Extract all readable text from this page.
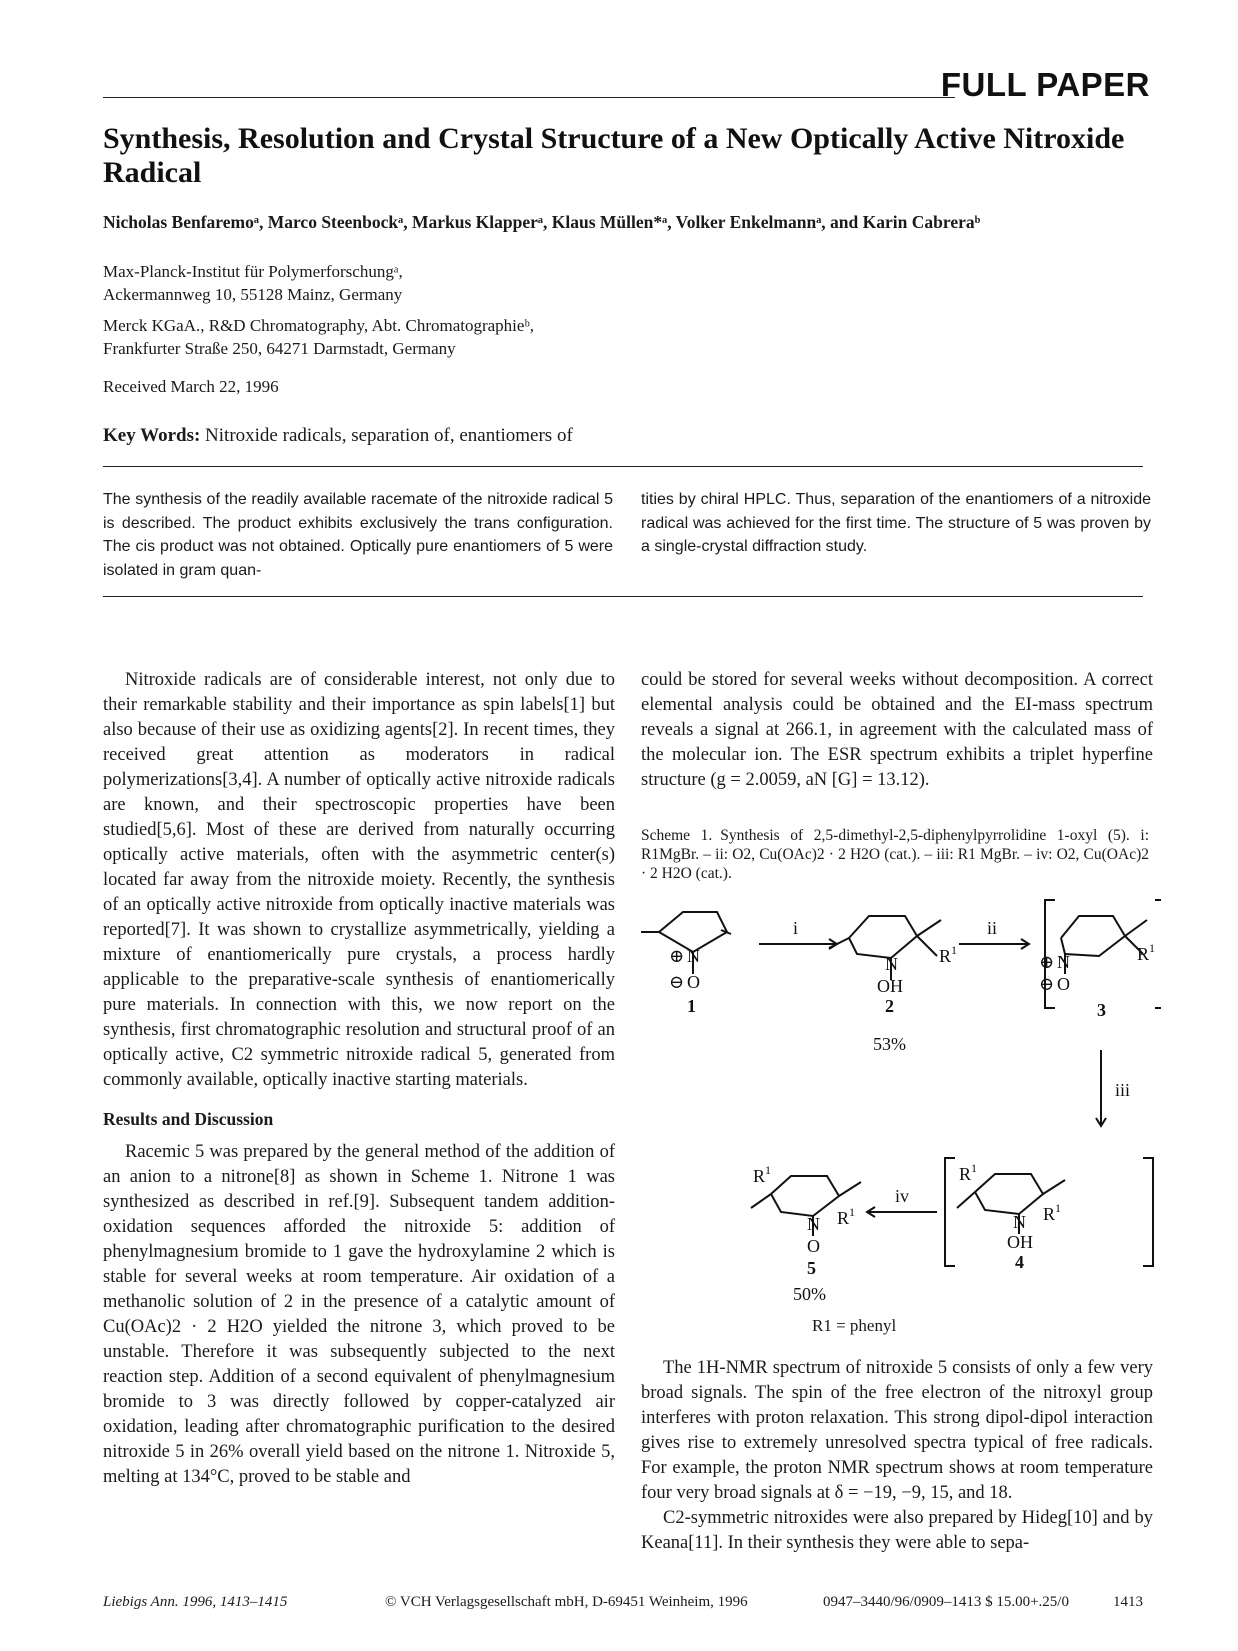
FULL PAPER
Synthesis, Resolution and Crystal Structure of a New Optically Active Nitroxide Radical
Nicholas Benfaremoᵃ, Marco Steenbockᵃ, Markus Klapperᵃ, Klaus Müllen*ᵃ, Volker Enkelmannᵃ, and Karin Cabreraᵇ
Max-Planck-Institut für Polymerforschungᵃ,
Ackermannweg 10, 55128 Mainz, Germany
Merck KGaA., R&D Chromatography, Abt. Chromatographieᵇ,
Frankfurter Straße 250, 64271 Darmstadt, Germany
Received March 22, 1996
Key Words: Nitroxide radicals, separation of, enantiomers of
The synthesis of the readily available racemate of the nitroxide radical 5 is described. The product exhibits exclusively the trans configuration. The cis product was not obtained. Optically pure enantiomers of 5 were isolated in gram quan-
tities by chiral HPLC. Thus, separation of the enantiomers of a nitroxide radical was achieved for the first time. The structure of 5 was proven by a single-crystal diffraction study.

Nitroxide radicals are of considerable interest, not only due to their remarkable stability and their importance as spin labels[1] but also because of their use as oxidizing agents[2]. In recent times, they received great attention as moderators in radical polymerizations[3,4]. A number of optically active nitroxide radicals are known, and their spectroscopic properties have been studied[5,6]. Most of these are derived from naturally occurring optically active materials, often with the asymmetric center(s) located far away from the nitroxide moiety. Recently, the synthesis of an optically active nitroxide from optically inactive materials was reported[7]. It was shown to crystallize asymmetrically, yielding a mixture of enantiomerically pure crystals, a process hardly applicable to the preparative-scale synthesis of enantiomerically pure materials. In connection with this, we now report on the synthesis, first chromatographic resolution and structural proof of an optically active, C2 symmetric nitroxide radical 5, generated from commonly available, optically inactive starting materials.

Results and Discussion

Racemic 5 was prepared by the general method of the addition of an anion to a nitrone[8] as shown in Scheme 1. Nitrone 1 was synthesized as described in ref.[9]. Subsequent tandem addition-oxidation sequences afforded the nitroxide 5: addition of phenylmagnesium bromide to 1 gave the hydroxylamine 2 which is stable for several weeks at room temperature. Air oxidation of a methanolic solution of 2 in the presence of a catalytic amount of Cu(OAc)2 · 2 H2O yielded the nitrone 3, which proved to be unstable. Therefore it was subsequently subjected to the next reaction step. Addition of a second equivalent of phenylmagnesium bromide to 3 was directly followed by copper-catalyzed air oxidation, leading after chromatographic purification to the desired nitroxide 5 in 26% overall yield based on the nitrone 1. Nitroxide 5, melting at 134°C, proved to be stable and

could be stored for several weeks without decomposition. A correct elemental analysis could be obtained and the EI-mass spectrum reveals a signal at 266.1, in agreement with the calculated mass of the molecular ion. The ESR spectrum exhibits a triplet hyperfine structure (g = 2.0059, aN [G] = 13.12).

Scheme 1. Synthesis of 2,5-dimethyl-2,5-diphenylpyrrolidine 1-oxyl (5). i: R1MgBr. – ii: O2, Cu(OAc)2 · 2 H2O (cat.). – iii: R1 MgBr. – iv: O2, Cu(OAc)2 · 2 H2O (cat.).
⊕ N
⊖ O
1
i	ii
iii
iv
N R 1
OH
2
53%
⊕ N	R 1
⊖ O
3
R 1
R 1
N
OH
4
R 1
R 1
N
O
5
50%
R1 = phenyl

The 1H-NMR spectrum of nitroxide 5 consists of only a few very broad signals. The spin of the free electron of the nitroxyl group interferes with proton relaxation. This strong dipol-dipol interaction gives rise to extremely unresolved spectra typical of free radicals. For example, the proton NMR spectrum shows at room temperature four very broad signals at δ = −19, −9, 15, and 18.

C2-symmetric nitroxides were also prepared by Hideg[10] and by Keana[11]. In their synthesis they were able to sepa-

Liebigs Ann. 1996, 1413–1415	© VCH Verlagsgesellschaft mbH, D-69451 Weinheim, 1996	0947–3440/96/0909–1413 $ 15.00+.25/0	1413
